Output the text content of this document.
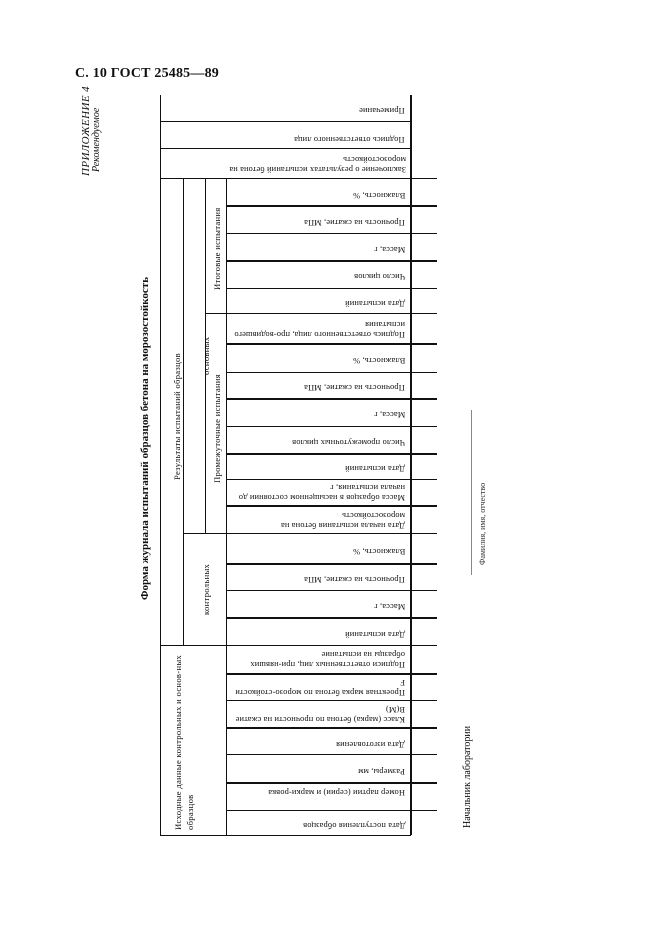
С. 10 ГОСТ 25485—89
ПРИЛОЖЕНИЕ 4 Рекомендуемое
Форма журнала испытаний образцов бетона на морозостойкость
Исходные данные контрольных и основ-ных образцов
Результаты испытаний образцов
контрольных
основных
Промежуточные испытания
Итоговые испытания
Примечание
Подпись ответственного лица
Заключение о результатах испытаний бетона на морозостойкость
Влажность, %
Прочность на сжатие, МПа
Масса, г
Число циклов
Дата испытаний
Подпись ответственного лица, про-водившего испытания
Влажность, %
Прочность на сжатие, МПа
Масса, г
Число промежуточных циклов
Дата испытаний
Масса образцов в насыщенном состоянии до начала испытания, г
Дата начала испытания бетона на морозостойкость
Влажность, %
Прочность на сжатие, МПа
Масса, г
Дата испытаний
Подписи ответственных лиц, при-нявших образцы на испытание
Проектная марка бетона по морозо-стойкости F
Класс (марка) бетона по прочности на сжатие В(М)
Дата изготовления
Размеры, мм
Номер партии (серии) и марки-ровка
Дата поступления образцов	Начальник лаборатории
Фамилия, имя, отчество
